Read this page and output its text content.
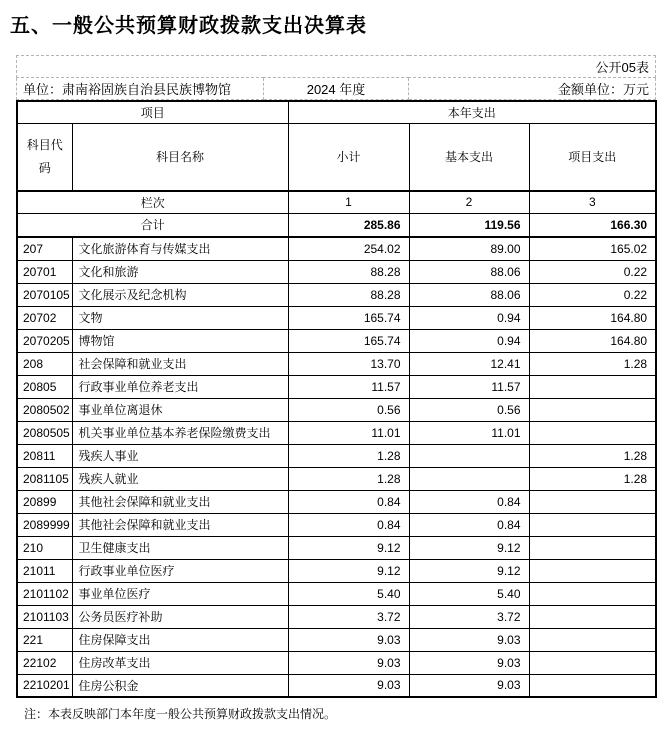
五、一般公共预算财政拨款支出决算表
公开05表
单位：肃南裕固族自治县民族博物馆	2024 年度	金额单位：万元
项目		本年支出		
科目代码	科目名称	小计	基本支出	项目支出
栏次		1	2	3
合计		285.86	119.56	166.30
207	文化旅游体育与传媒支出	254.02	89.00	165.02
20701	文化和旅游	88.28	88.06	0.22
2070105	文化展示及纪念机构	88.28	88.06	0.22
20702	文物	165.74	0.94	164.80
2070205	博物馆	165.74	0.94	164.80
208	社会保障和就业支出	13.70	12.41	1.28
20805	行政事业单位养老支出	11.57	11.57	
2080502	事业单位离退休	0.56	0.56	
2080505	机关事业单位基本养老保险缴费支出	11.01	11.01	
20811	残疾人事业	1.28		1.28
2081105	残疾人就业	1.28		1.28
20899	其他社会保障和就业支出	0.84	0.84	
2089999	其他社会保障和就业支出	0.84	0.84	
210	卫生健康支出	9.12	9.12	
21011	行政事业单位医疗	9.12	9.12	
2101102	事业单位医疗	5.40	5.40	
2101103	公务员医疗补助	3.72	3.72	
221	住房保障支出	9.03	9.03	
22102	住房改革支出	9.03	9.03	
2210201	住房公积金	9.03	9.03	
注：本表反映部门本年度一般公共预算财政拨款支出情况。
